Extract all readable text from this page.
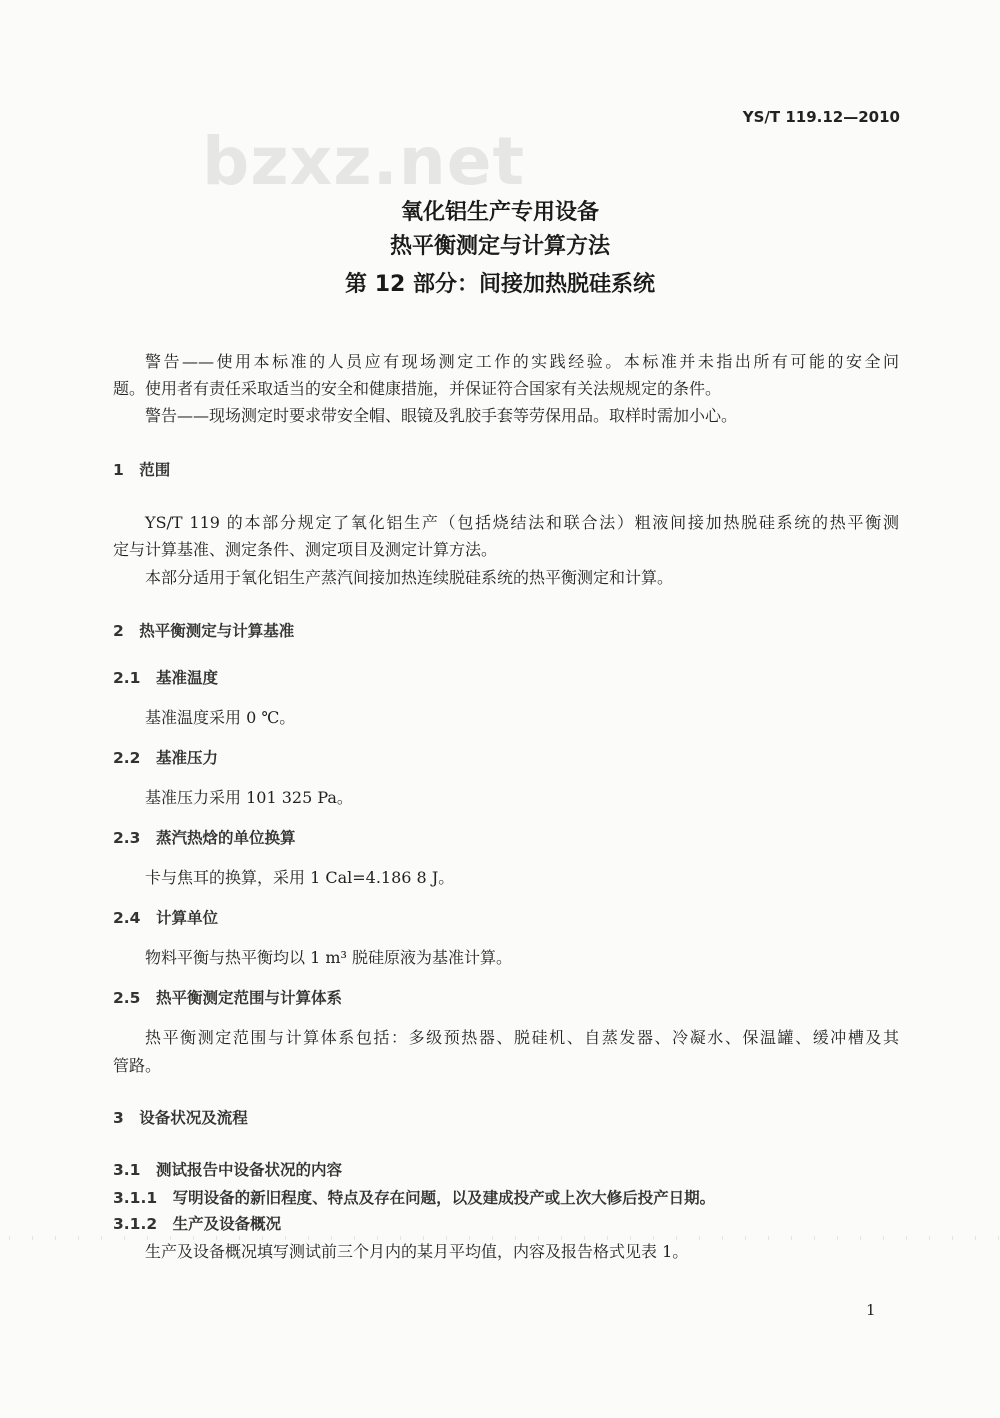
YS/T 119.12—2010
bzxz.net
氧化铝生产专用设备
热平衡测定与计算方法
第 12 部分：间接加热脱硅系统
警告——使用本标准的人员应有现场测定工作的实践经验。本标准并未指出所有可能的安全问
题。使用者有责任采取适当的安全和健康措施，并保证符合国家有关法规规定的条件。
警告——现场测定时要求带安全帽、眼镜及乳胶手套等劳保用品。取样时需加小心。
1　范围
YS/T 119 的本部分规定了氧化铝生产（包括烧结法和联合法）粗液间接加热脱硅系统的热平衡测
定与计算基准、测定条件、测定项目及测定计算方法。
本部分适用于氧化铝生产蒸汽间接加热连续脱硅系统的热平衡测定和计算。
2　热平衡测定与计算基准
2.1　基准温度
基准温度采用 0 ℃。
2.2　基准压力
基准压力采用 101 325 Pa。
2.3　蒸汽热焓的单位换算
卡与焦耳的换算，采用 1 Cal=4.186 8 J。
2.4　计算单位
物料平衡与热平衡均以 1 m³ 脱硅原液为基准计算。
2.5　热平衡测定范围与计算体系
热平衡测定范围与计算体系包括：多级预热器、脱硅机、自蒸发器、冷凝水、保温罐、缓冲槽及其
管路。
3　设备状况及流程
3.1　测试报告中设备状况的内容
3.1.1　写明设备的新旧程度、特点及存在问题，以及建成投产或上次大修后投产日期。
3.1.2　生产及设备概况
生产及设备概况填写测试前三个月内的某月平均值，内容及报告格式见表 1。
1
